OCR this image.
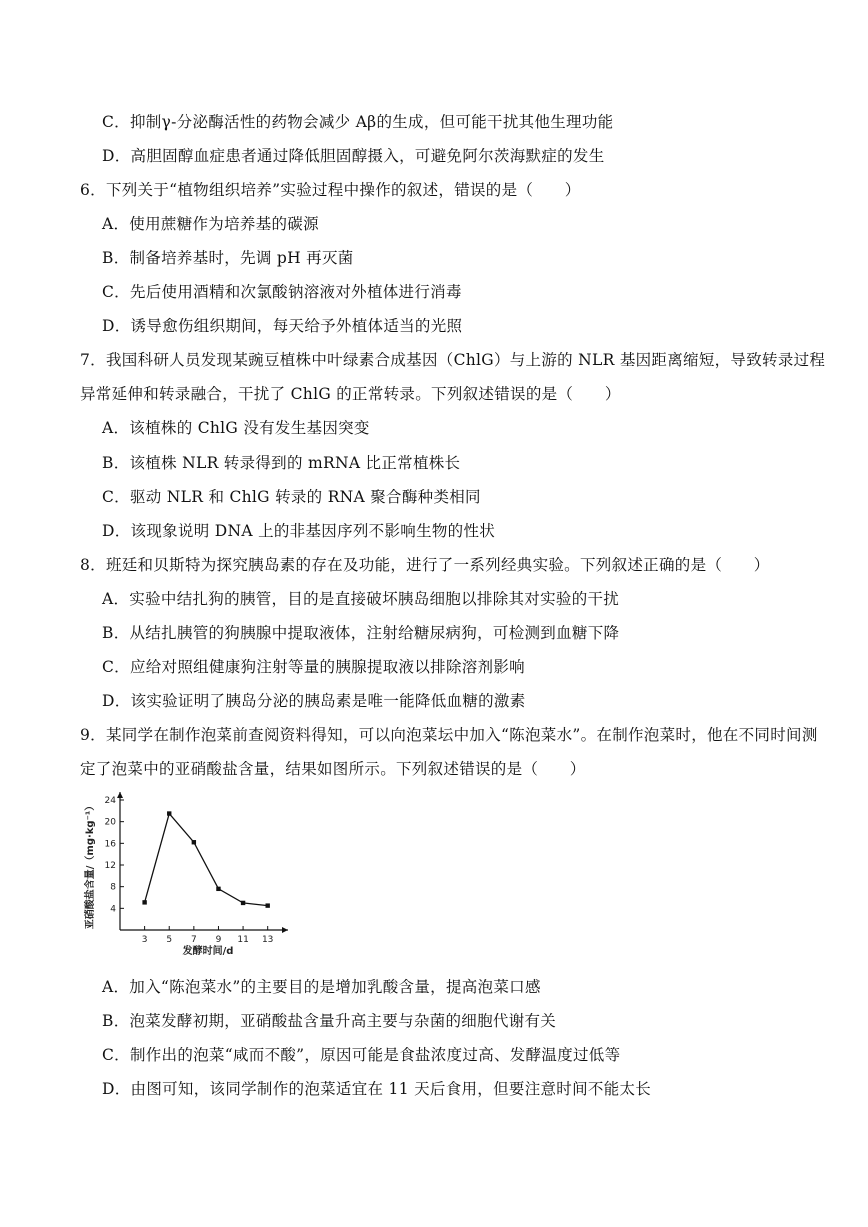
C．抑制γ-分泌酶活性的药物会减少 Aβ的生成，但可能干扰其他生理功能
D．高胆固醇血症患者通过降低胆固醇摄入，可避免阿尔茨海默症的发生
6．下列关于“植物组织培养”实验过程中操作的叙述，错误的是（　　）
A．使用蔗糖作为培养基的碳源
B．制备培养基时，先调 pH 再灭菌
C．先后使用酒精和次氯酸钠溶液对外植体进行消毒
D．诱导愈伤组织期间，每天给予外植体适当的光照
7．我国科研人员发现某豌豆植株中叶绿素合成基因（ChlG）与上游的 NLR 基因距离缩短，导致转录过程
异常延伸和转录融合，干扰了 ChlG 的正常转录。下列叙述错误的是（　　）
A．该植株的 ChlG 没有发生基因突变
B．该植株 NLR 转录得到的 mRNA 比正常植株长
C．驱动 NLR 和 ChlG 转录的 RNA 聚合酶种类相同
D．该现象说明 DNA 上的非基因序列不影响生物的性状
8．班廷和贝斯特为探究胰岛素的存在及功能，进行了一系列经典实验。下列叙述正确的是（　　）
A．实验中结扎狗的胰管，目的是直接破坏胰岛细胞以排除其对实验的干扰
B．从结扎胰管的狗胰腺中提取液体，注射给糖尿病狗，可检测到血糖下降
C．应给对照组健康狗注射等量的胰腺提取液以排除溶剂影响
D．该实验证明了胰岛分泌的胰岛素是唯一能降低血糖的激素
9．某同学在制作泡菜前查阅资料得知，可以向泡菜坛中加入“陈泡菜水”。在制作泡菜时，他在不同时间测
定了泡菜中的亚硝酸盐含量，结果如图所示。下列叙述错误的是（　　）
亚硝酸盐含量/（mg·kg⁻¹）
发酵时间/d
4
8
12
16
20
24
3 5 7 9 11 13
A．加入“陈泡菜水”的主要目的是增加乳酸含量，提高泡菜口感
B．泡菜发酵初期，亚硝酸盐含量升高主要与杂菌的细胞代谢有关
C．制作出的泡菜“咸而不酸”，原因可能是食盐浓度过高、发酵温度过低等
D．由图可知，该同学制作的泡菜适宜在 11 天后食用，但要注意时间不能太长
